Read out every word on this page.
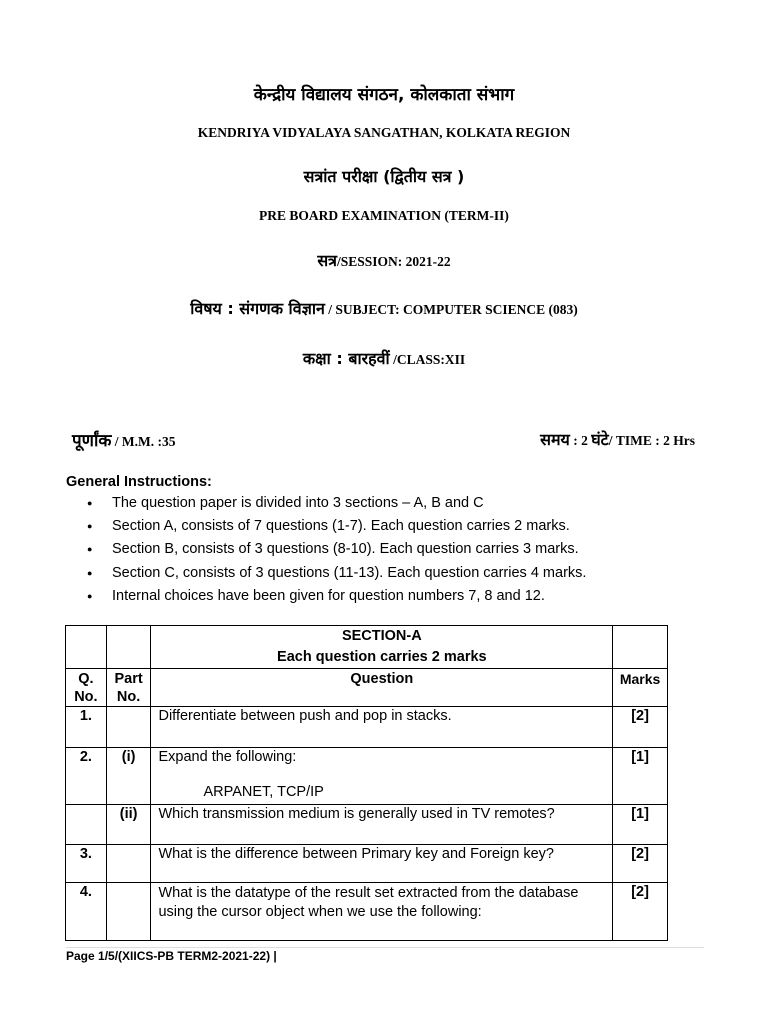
केन्द्रीय विद्यालय संगठन, कोलकाता संभाग
KENDRIYA VIDYALAYA SANGATHAN, KOLKATA REGION
सत्रांत परीक्षा (द्वितीय सत्र )
PRE BOARD EXAMINATION (TERM-II)
सत्र/SESSION: 2021-22
विषय : संगणक विज्ञान / SUBJECT: COMPUTER SCIENCE (083)
कक्षा : बारहवीं /CLASS:XII
पूर्णांक / M.M. :35	समय : 2 घंटे/ TIME : 2 Hrs
General Instructions:
● The question paper is divided into 3 sections – A, B and C
● Section A, consists of 7 questions (1-7). Each question carries 2 marks.
● Section B, consists of 3 questions (8-10). Each question carries 3 marks.
● Section C, consists of 3 questions (11-13). Each question carries 4 marks.
● Internal choices have been given for question numbers 7, 8 and 12.

		SECTION-A
Each question carries 2 marks	

Q. No.	Part No.	Question	Marks
1.		Differentiate between push and pop in stacks.	[2]
2.	(i)	Expand the following:
ARPANET, TCP/IP	[1]
	(ii)	Which transmission medium is generally used in TV remotes?	[1]
3.		What is the difference between Primary key and Foreign key?	[2]
4.		What is the datatype of the result set extracted from the database using the cursor object when we use the following:	[2]
Page 1/5/(XIICS-PB TERM2-2021-22) |
